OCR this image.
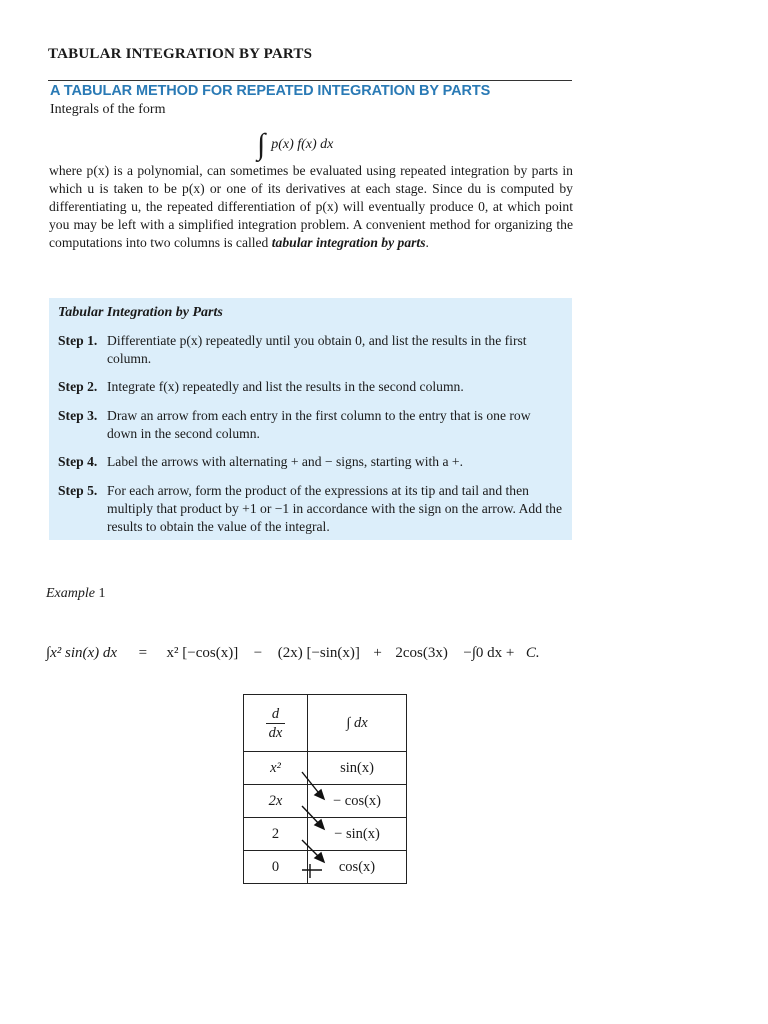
TABULAR INTEGRATION BY PARTS
A TABULAR METHOD FOR REPEATED INTEGRATION BY PARTS
Integrals of the form
∫ p(x) f(x) dx
where p(x) is a polynomial, can sometimes be evaluated using repeated integration by parts in which u is taken to be p(x) or one of its derivatives at each stage. Since du is computed by differentiating u, the repeated differentiation of p(x) will eventually produce 0, at which point you may be left with a simplified integration problem. A convenient method for organizing the computations into two columns is called tabular integration by parts.
Tabular Integration by Parts
Step 1. Differentiate p(x) repeatedly until you obtain 0, and list the results in the first column.
Step 2. Integrate f(x) repeatedly and list the results in the second column.
Step 3. Draw an arrow from each entry in the first column to the entry that is one row down in the second column.
Step 4. Label the arrows with alternating + and − signs, starting with a +.
Step 5. For each arrow, form the product of the expressions at its tip and tail and then multiply that product by +1 or −1 in accordance with the sign on the arrow. Add the results to obtain the value of the integral.
Example 1
∫x² sin(x) dx = x² [−cos(x)] − (2x) [−sin(x)] + 2cos(3x) −∫0 dx + C.
$\frac{d}{dx}$	∫ dx
x²	sin(x)
2x	− cos(x)
2	− sin(x)
0	cos(x)
